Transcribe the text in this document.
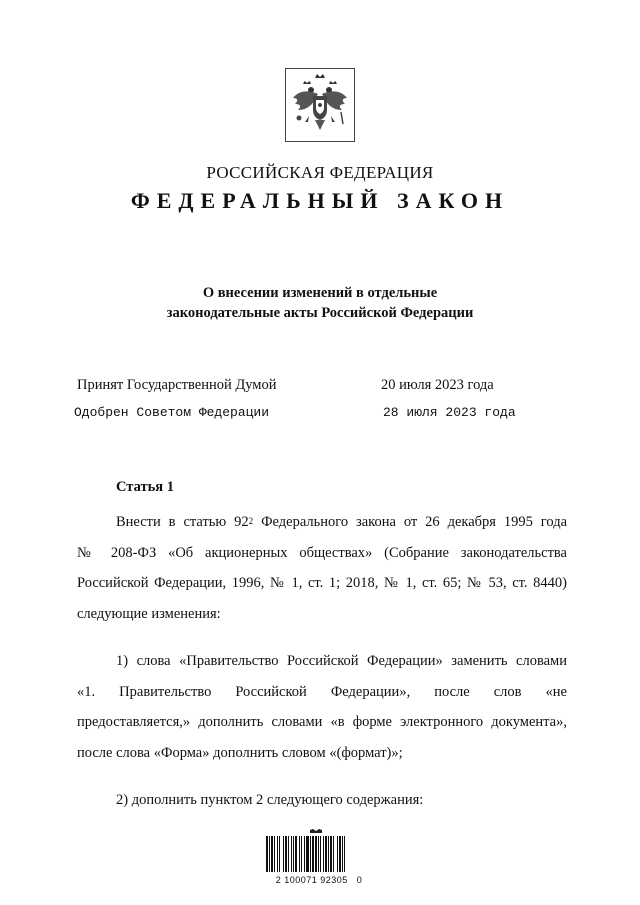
РОССИЙСКАЯ ФЕДЕРАЦИЯ
ФЕДЕРАЛЬНЫЙ ЗАКОН
О внесении изменений в отдельные
законодательные акты Российской Федерации
Принят Государственной Думой	20 июля 2023 года
Одобрен Советом Федерации	28 июля 2023 года
Статья 1
Внести в статью $92^2$ Федерального закона от 26 декабря 1995 года
№ 208-ФЗ «Об акционерных обществах» (Собрание законодательства
Российской Федерации, 1996, № 1, ст. 1; 2018, № 1, ст. 65; № 53, ст. 8440)
следующие изменения:
1) слова «Правительство Российской Федерации» заменить словами
«1. Правительство Российской Федерации», после слов «не
предоставляется,» дополнить словами «в форме электронного документа»,
после слова «Форма» дополнить словом «(формат)»;
2) дополнить пунктом 2 следующего содержания:
2 100071 92305   0
